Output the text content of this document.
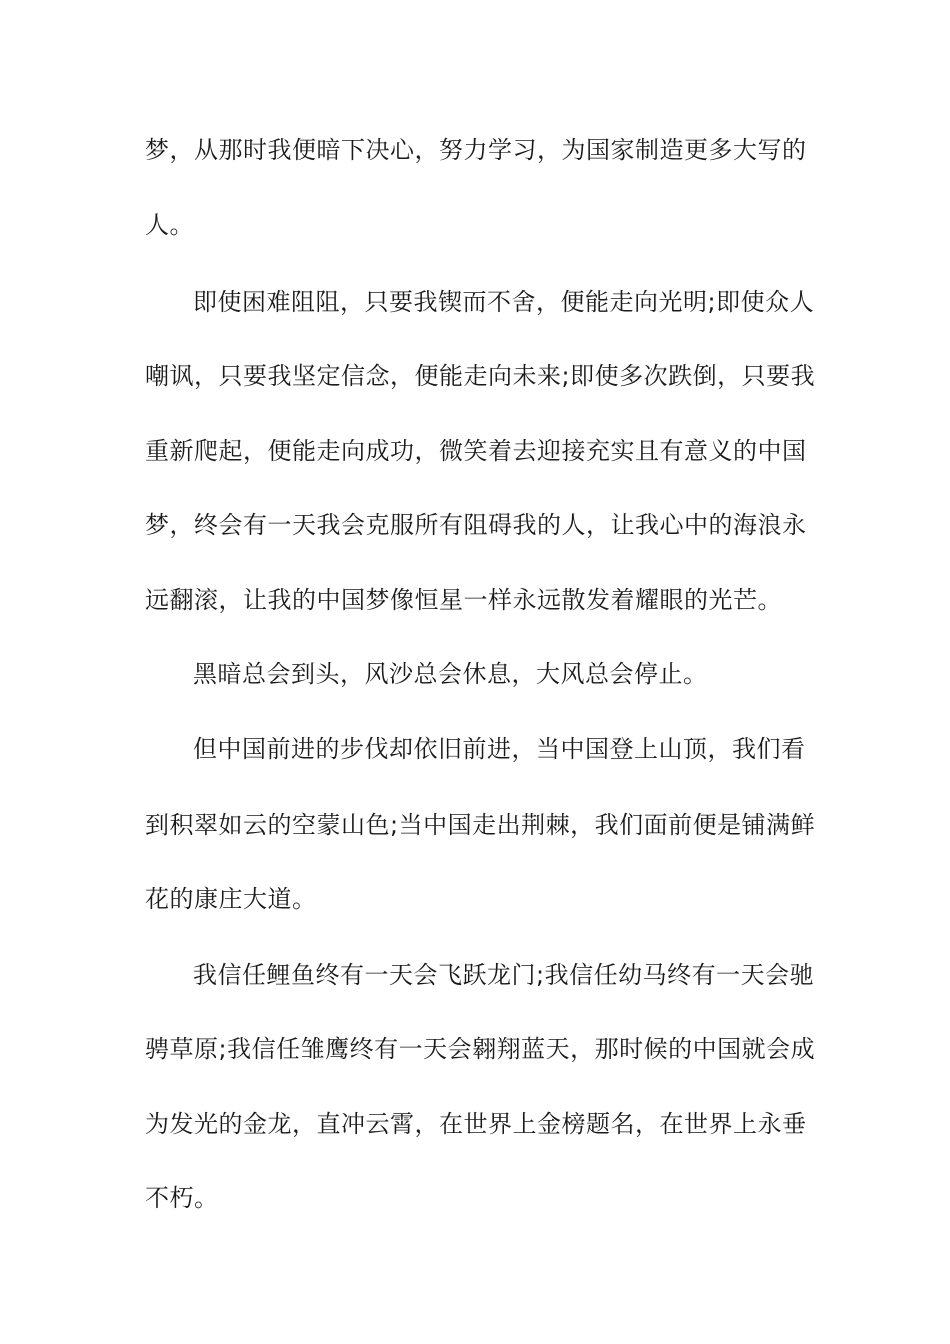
梦，从那时我便暗下决心，努力学习，为国家制造更多大写的
人。
即使困难阻阻，只要我锲而不舍，便能走向光明;即使众人
嘲讽，只要我坚定信念，便能走向未来;即使多次跌倒，只要我
重新爬起，便能走向成功，微笑着去迎接充实且有意义的中国
梦，终会有一天我会克服所有阻碍我的人，让我心中的海浪永
远翻滚，让我的中国梦像恒星一样永远散发着耀眼的光芒。
黑暗总会到头，风沙总会休息，大风总会停止。
但中国前进的步伐却依旧前进，当中国登上山顶，我们看
到积翠如云的空蒙山色;当中国走出荆棘，我们面前便是铺满鲜
花的康庄大道。
我信任鲤鱼终有一天会飞跃龙门;我信任幼马终有一天会驰
骋草原;我信任雏鹰终有一天会翱翔蓝天，那时候的中国就会成
为发光的金龙，直冲云霄，在世界上金榜题名，在世界上永垂
不朽。
